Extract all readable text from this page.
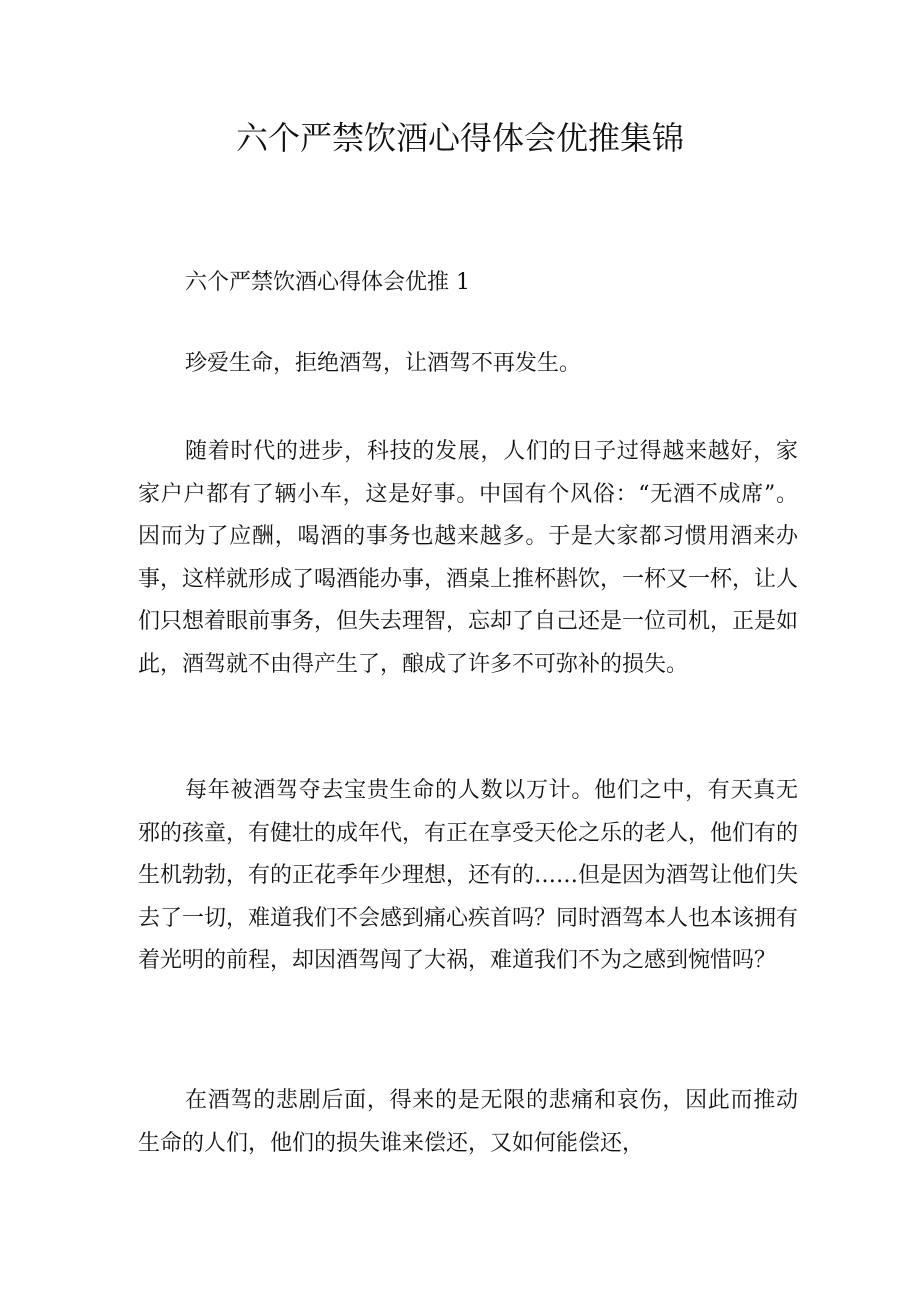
六个严禁饮酒心得体会优推集锦

六个严禁饮酒心得体会优推 1

珍爱生命，拒绝酒驾，让酒驾不再发生。

随着时代的进步，科技的发展，人们的日子过得越来越好，家家户户都有了辆小车，这是好事。中国有个风俗：“无酒不成席”。因而为了应酬，喝酒的事务也越来越多。于是大家都习惯用酒来办事，这样就形成了喝酒能办事，酒桌上推杯斟饮，一杯又一杯，让人们只想着眼前事务，但失去理智，忘却了自己还是一位司机，正是如此，酒驾就不由得产生了，酿成了许多不可弥补的损失。

每年被酒驾夺去宝贵生命的人数以万计。他们之中，有天真无邪的孩童，有健壮的成年代，有正在享受天伦之乐的老人，他们有的生机勃勃，有的正花季年少理想，还有的……但是因为酒驾让他们失去了一切，难道我们不会感到痛心疾首吗？同时酒驾本人也本该拥有着光明的前程，却因酒驾闯了大祸，难道我们不为之感到惋惜吗？

在酒驾的悲剧后面，得来的是无限的悲痛和哀伤，因此而推动生命的人们，他们的损失谁来偿还，又如何能偿还，
